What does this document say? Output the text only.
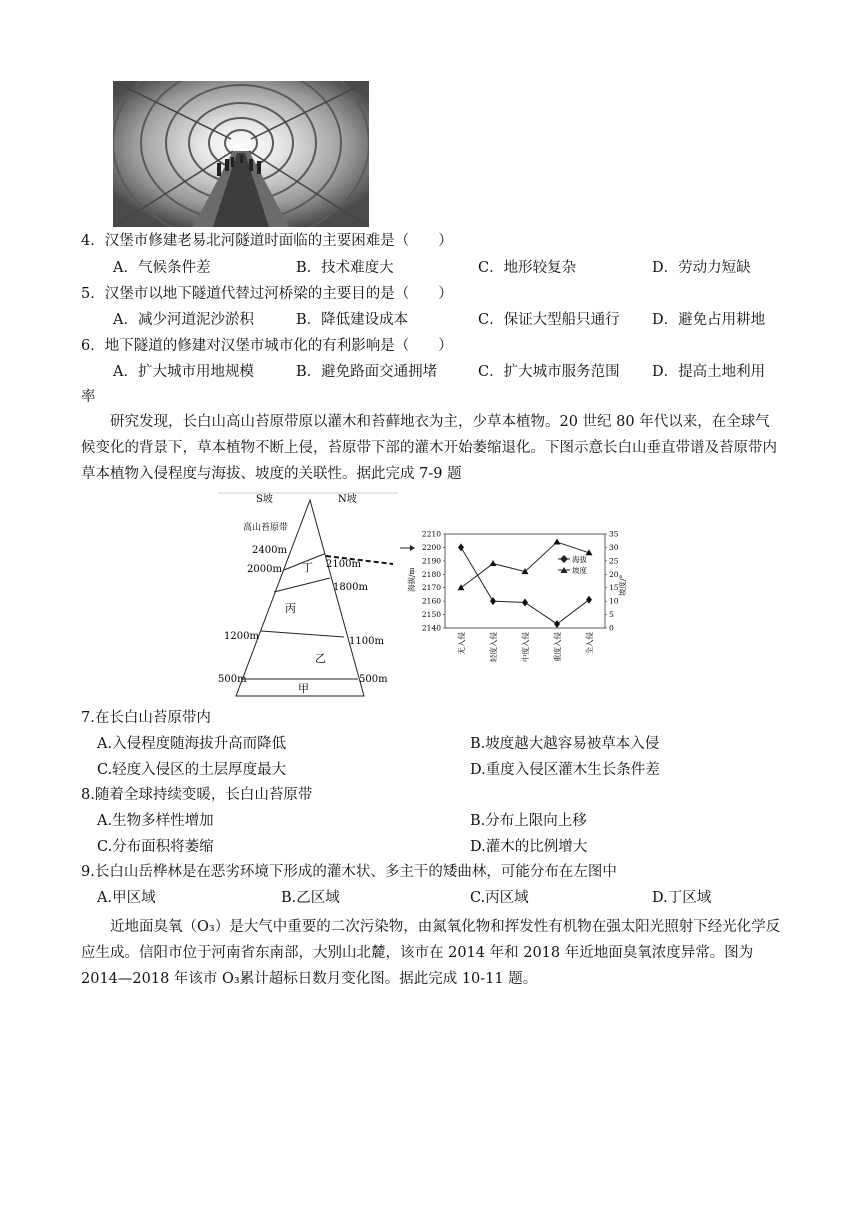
4．汉堡市修建老易北河隧道时面临的主要困难是（　　）
A．气候条件差	B．技术难度大	C．地形较复杂	D．劳动力短缺
5．汉堡市以地下隧道代替过河桥梁的主要目的是（　　）
A．减少河道泥沙淤积	B．降低建设成本	C．保证大型船只通行 D．避免占用耕地
6．地下隧道的修建对汉堡市城市化的有利影响是（　　）
A．扩大城市用地规模	B．避免路面交通拥堵	C．扩大城市服务范围 D．提高土地利用
率
研究发现，长白山高山苔原带原以灌木和苔藓地衣为主，少草本植物。20 世纪 80 年代以来，在全球气候变化的背景下，草本植物不断上侵，苔原带下部的灌木开始萎缩退化。下图示意长白山垂直带谱及苔原带内草本植物入侵程度与海拔、坡度的关联性。据此完成 7-9 题
S坡	N坡
高山苔原带
2400m
2000m
1200m
500m
2100m
1800m
1100m
500m
丁
丙
乙
甲
海拔/m	坡度/°
2140
2150
2160
2170
2180
2190
2200
2210
0
5
10
15
20
25
30
35
无入侵	轻度入侵	中度入侵	重度入侵	全入侵
海拔
坡度
7.在长白山苔原带内
A.入侵程度随海拔升高而降低	B.坡度越大越容易被草本入侵
C.轻度入侵区的土层厚度最大	D.重度入侵区灌木生长条件差
8.随着全球持续变暖，长白山苔原带
A.生物多样性增加	B.分布上限向上移
C.分布面积将萎缩	D.灌木的比例增大
9.长白山岳桦林是在恶劣环境下形成的灌木状、多主干的矮曲林，可能分布在左图中
A.甲区域	B.乙区域	C.丙区域	D.丁区域
近地面臭氧（O₃）是大气中重要的二次污染物，由氮氧化物和挥发性有机物在强太阳光照射下经光化学反应生成。信阳市位于河南省东南部，大别山北麓，该市在 2014 年和 2018 年近地面臭氧浓度异常。图为 2014—2018 年该市 O₃累计超标日数月变化图。据此完成 10-11 题。
